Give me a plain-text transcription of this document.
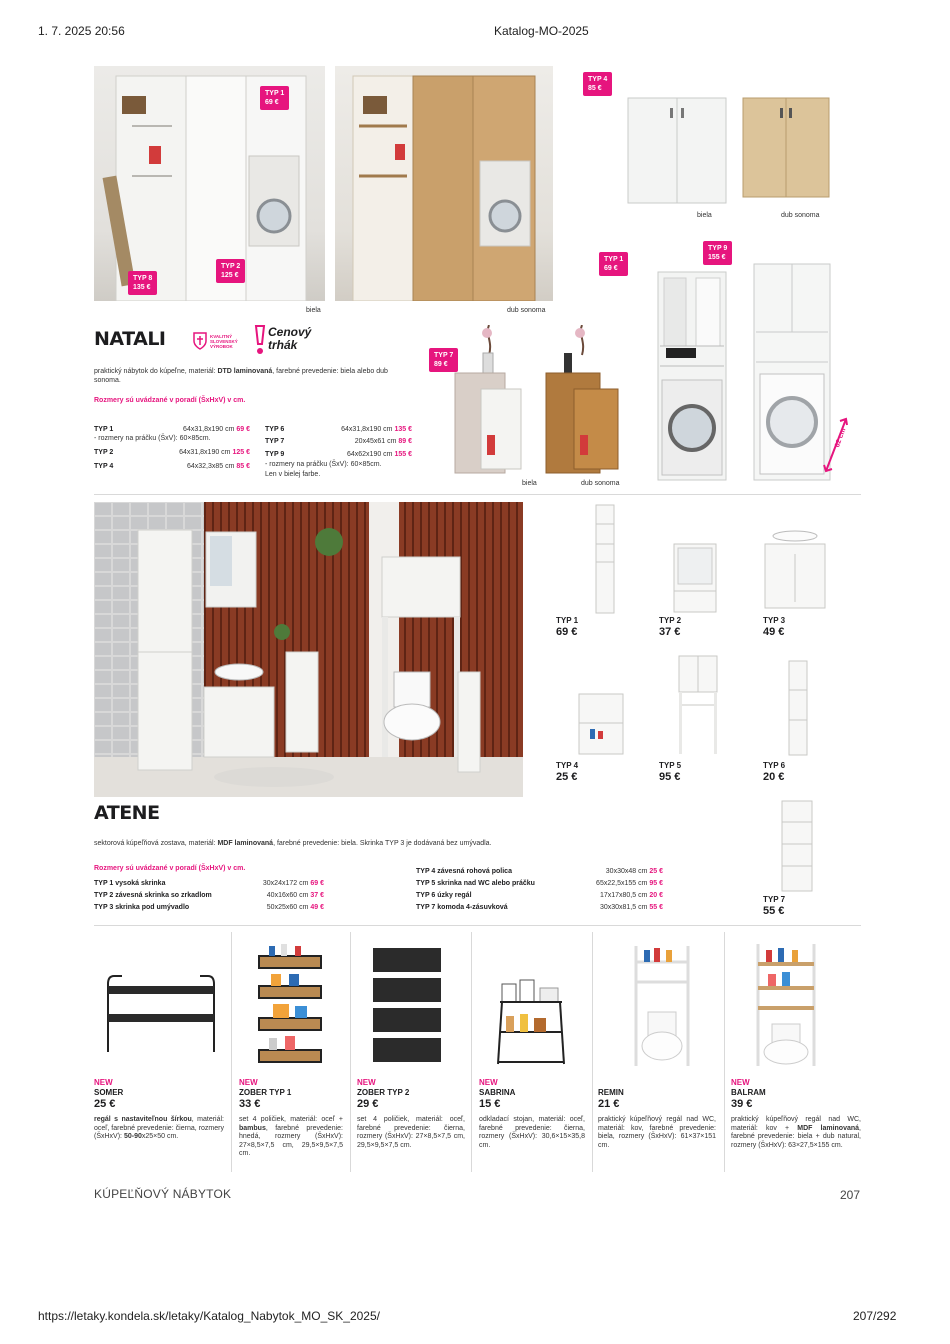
1. 7. 2025 20:56	Katalog-MO-2025
TYP 1
69 €
TYP 2
125 €
TYP 8
135 €
biela	dub sonoma
TYP 4
85 €
biela	dub sonoma
TYP 1
69 €
TYP 9
155 €
62 cm
TYP 7
89 €
biela	dub sonoma
NATALI	KVALITNÝ SLOVENSKÝ VÝROBOK
Cenový
trhák
praktický nábytok do kúpeľne, materiál: DTD laminovaná, farebné prevedenie: biela alebo dub sonoma.
Rozmery sú uvádzané v poradí (ŠxHxV) v cm.
TYP 1	64x31,8x190 cm 69 €
- rozmery na práčku (ŠxV): 60×85cm.
TYP 2	64x31,8x190 cm 125 €
TYP 4	64x32,3x85 cm 85 €
TYP 6	64x31,8x190 cm 135 €
TYP 7	20x45x61 cm 89 €
TYP 9	64x62x190 cm 155 €
- rozmery na práčku (ŠxV): 60×85cm.
Len v bielej farbe.
TYP 1
69 €
TYP 2
37 €
TYP 3
49 €
TYP 4
25 €
TYP 5
95 €
TYP 6
20 €
TYP 7
55 €
ATENE
sektorová kúpeľňová zostava, materiál: MDF laminovaná, farebné prevedenie: biela. Skrinka TYP 3 je dodávaná bez umývadla.
Rozmery sú uvádzané v poradí (ŠxHxV) v cm.
TYP 1 vysoká skrinka	30x24x172 cm 69 €
TYP 2 závesná skrinka so zrkadlom	40x16x60 cm 37 €
TYP 3 skrinka pod umývadlo	50x25x60 cm 49 €
TYP 4 závesná rohová polica	30x30x48 cm 25 €
TYP 5 skrinka nad WC alebo práčku	65x22,5x155 cm 95 €
TYP 6 úzky regál	17x17x80,5 cm 20 €
TYP 7 komoda 4-zásuvková	30x30x81,5 cm 55 €
NEW
SOMER
25 €
regál s nastaviteľnou šírkou, materiál: oceľ, farebné prevedenie: čierna, rozmery (ŠxHxV): 50-90x25×50 cm.
NEW
ZOBER TYP 1
33 €
set 4 poličiek, materiál: oceľ + bambus, farebné prevedenie: hnedá, rozmery (ŠxHxV): 27×8,5×7,5 cm, 29,5×9,5×7,5 cm.
NEW
ZOBER TYP 2
29 €
set 4 poličiek, materiál: oceľ, farebné prevedenie: čierna, rozmery (ŠxHxV): 27×8,5×7,5 cm, 29,5×9,5×7,5 cm.
NEW
SABRINA
15 €
odkladací stojan, materiál: oceľ, farebné prevedenie: čierna, rozmery (ŠxHxV): 30,6×15×35,8 cm.
REMIN
21 €
praktický kúpeľňový regál nad WC, materiál: kov, farebné prevedenie: biela, rozmery (ŠxHxV): 61×37×151 cm.
NEW
BALRAM
39 €
praktický kúpeľňový regál nad WC, materiál: kov + MDF laminovaná, farebné prevedenie: biela + dub natural, rozmery (ŠxHxV): 63×27,5×155 cm.
KÚPEĽŇOVÝ NÁBYTOK	207
https://letaky.kondela.sk/letaky/Katalog_Nabytok_MO_SK_2025/	207/292
